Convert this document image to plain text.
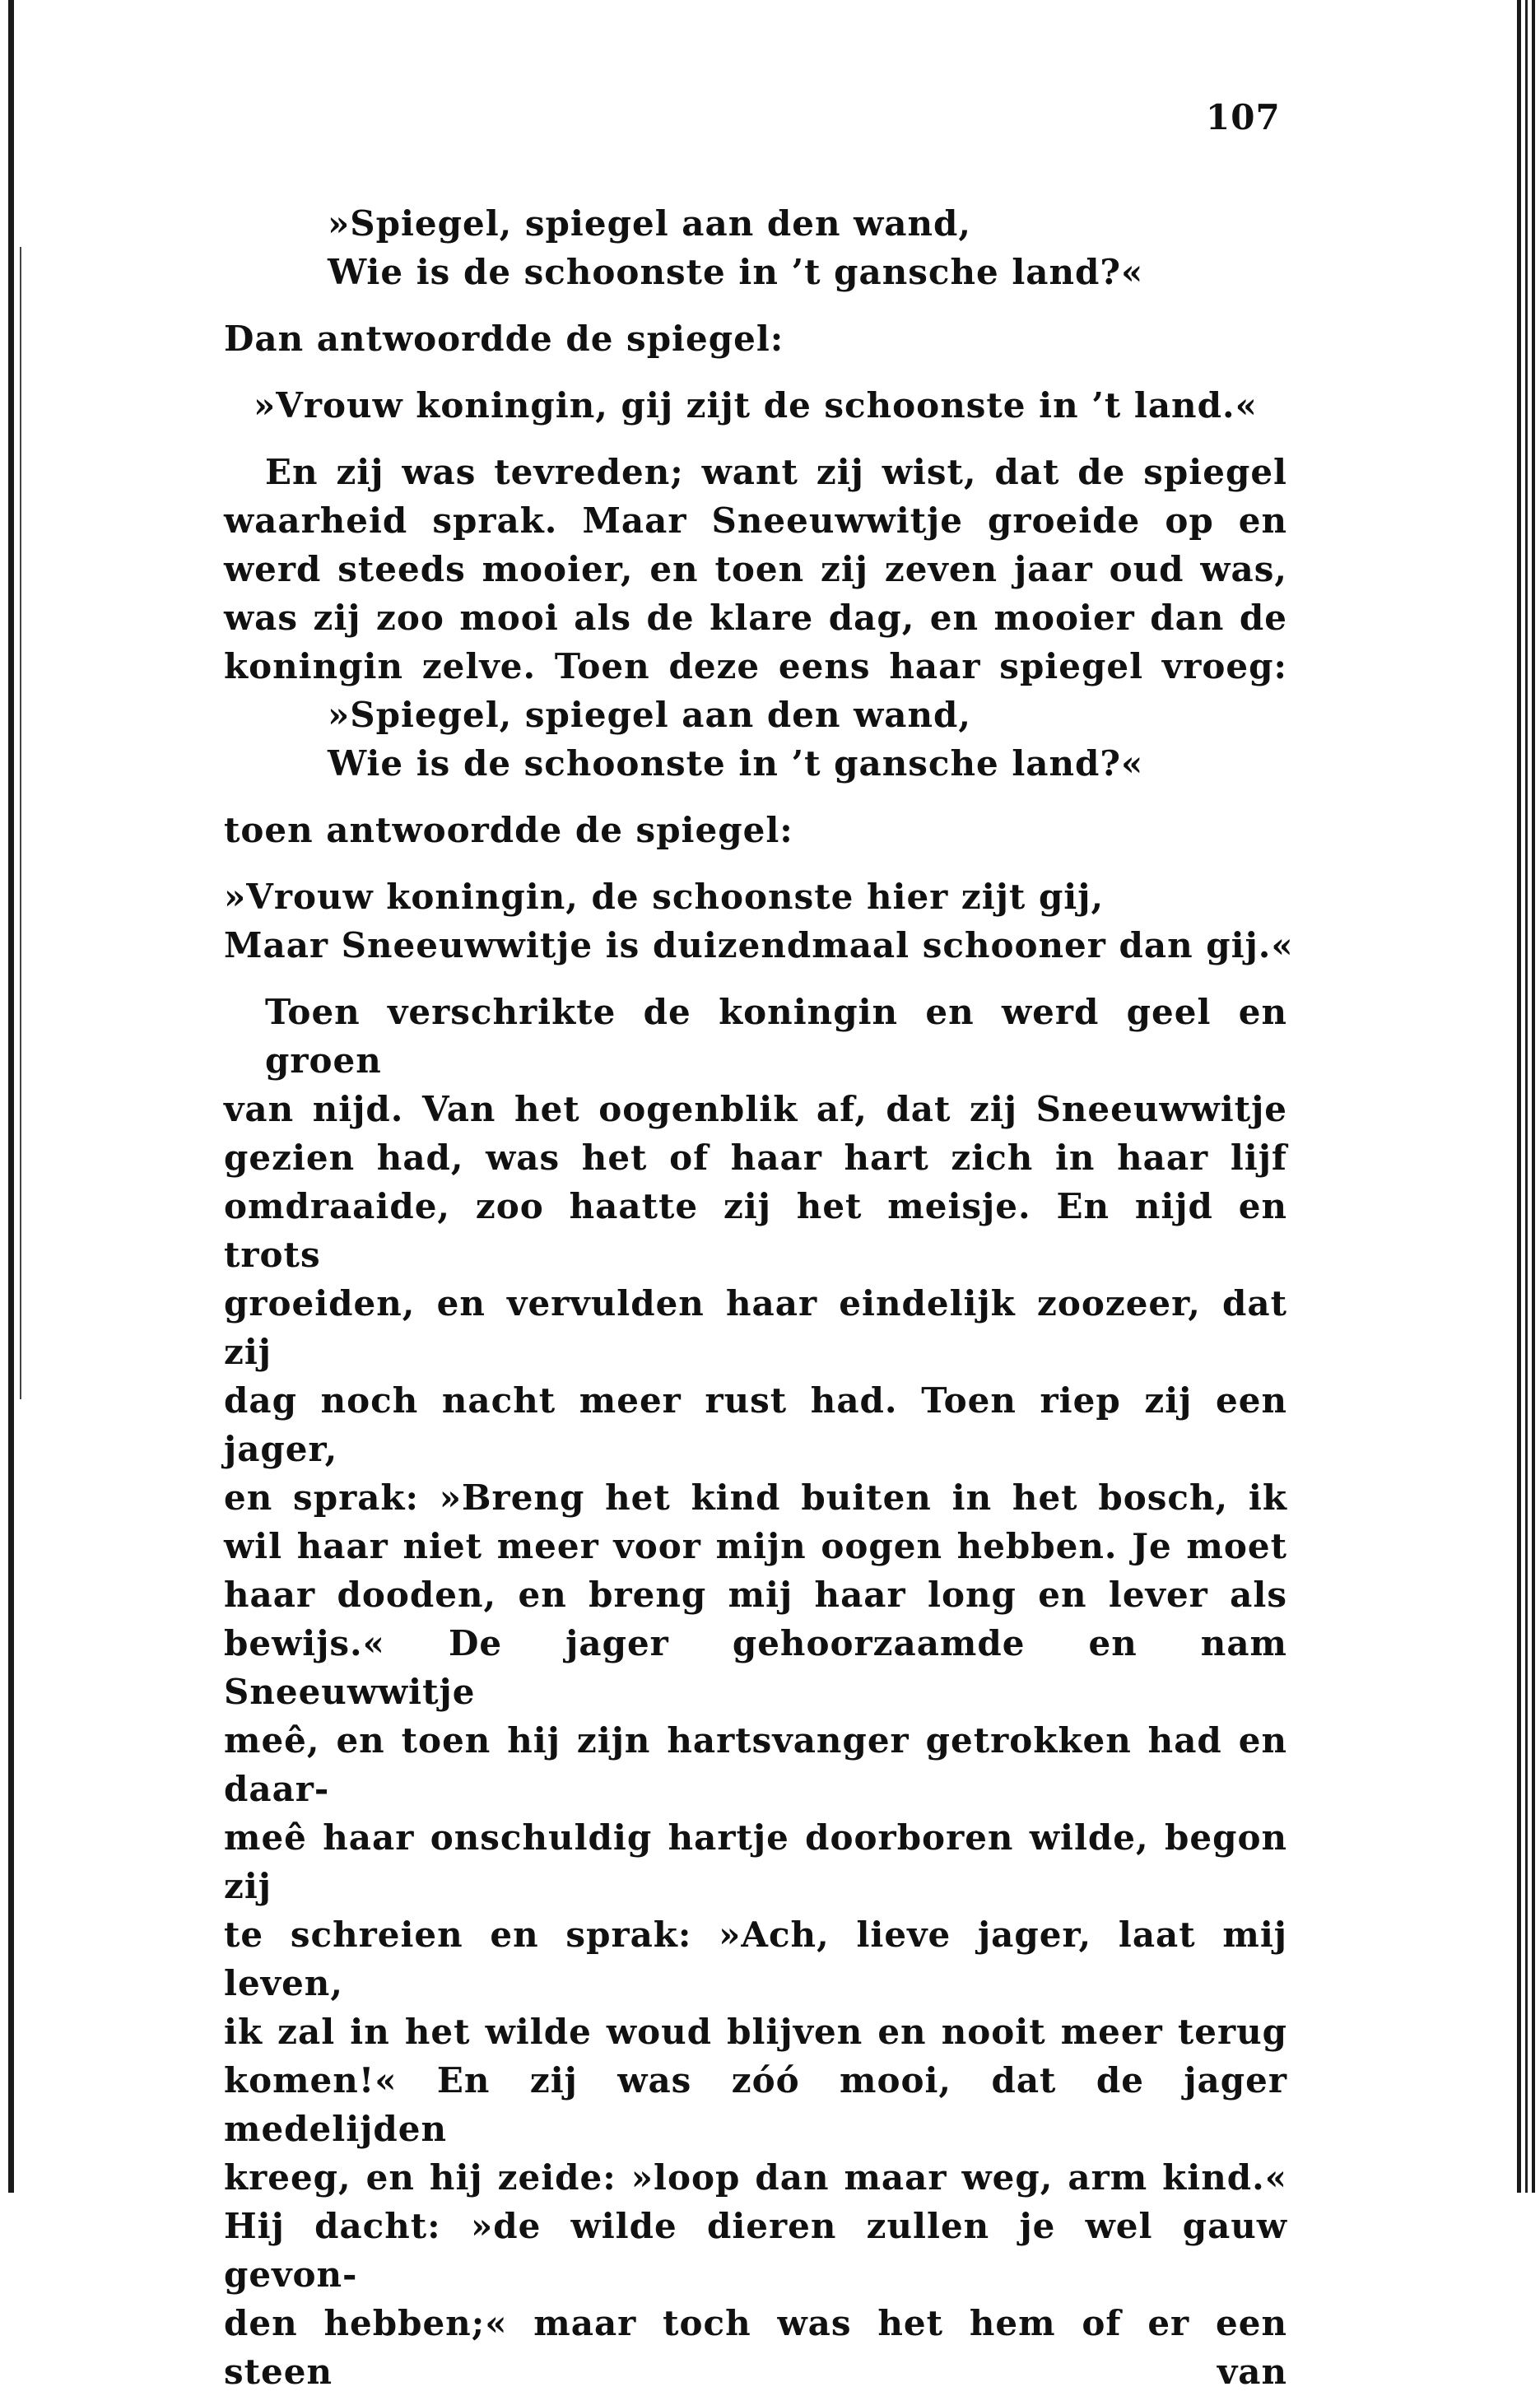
107
»Spiegel, spiegel aan den wand,
Wie is de schoonste in ’t gansche land?«
Dan antwoordde de spiegel:
»Vrouw koningin, gij zijt de schoonste in ’t land.«
En zij was tevreden; want zij wist, dat de spiegel
waarheid sprak. Maar Sneeuwwitje groeide op en
werd steeds mooier, en toen zij zeven jaar oud was,
was zij zoo mooi als de klare dag, en mooier dan de
koningin zelve. Toen deze eens haar spiegel vroeg:
»Spiegel, spiegel aan den wand,
Wie is de schoonste in ’t gansche land?«
toen antwoordde de spiegel:
»Vrouw koningin, de schoonste hier zijt gij,
Maar Sneeuwwitje is duizendmaal schooner dan gij.«
Toen verschrikte de koningin en werd geel en groen
van nijd. Van het oogenblik af, dat zij Sneeuwwitje
gezien had, was het of haar hart zich in haar lijf
omdraaide, zoo haatte zij het meisje. En nijd en trots
groeiden, en vervulden haar eindelijk zoozeer, dat zij
dag noch nacht meer rust had. Toen riep zij een jager,
en sprak: »Breng het kind buiten in het bosch, ik
wil haar niet meer voor mijn oogen hebben. Je moet
haar dooden, en breng mij haar long en lever als
bewijs.« De jager gehoorzaamde en nam Sneeuwwitje
meê, en toen hij zijn hartsvanger getrokken had en daar-
meê haar onschuldig hartje doorboren wilde, begon zij
te schreien en sprak: »Ach, lieve jager, laat mij leven,
ik zal in het wilde woud blijven en nooit meer terug
komen!« En zij was zóó mooi, dat de jager medelijden
kreeg, en hij zeide: »loop dan maar weg, arm kind.«
Hij dacht: »de wilde dieren zullen je wel gauw gevon-
den hebben;« maar toch was het hem of er een steen van
